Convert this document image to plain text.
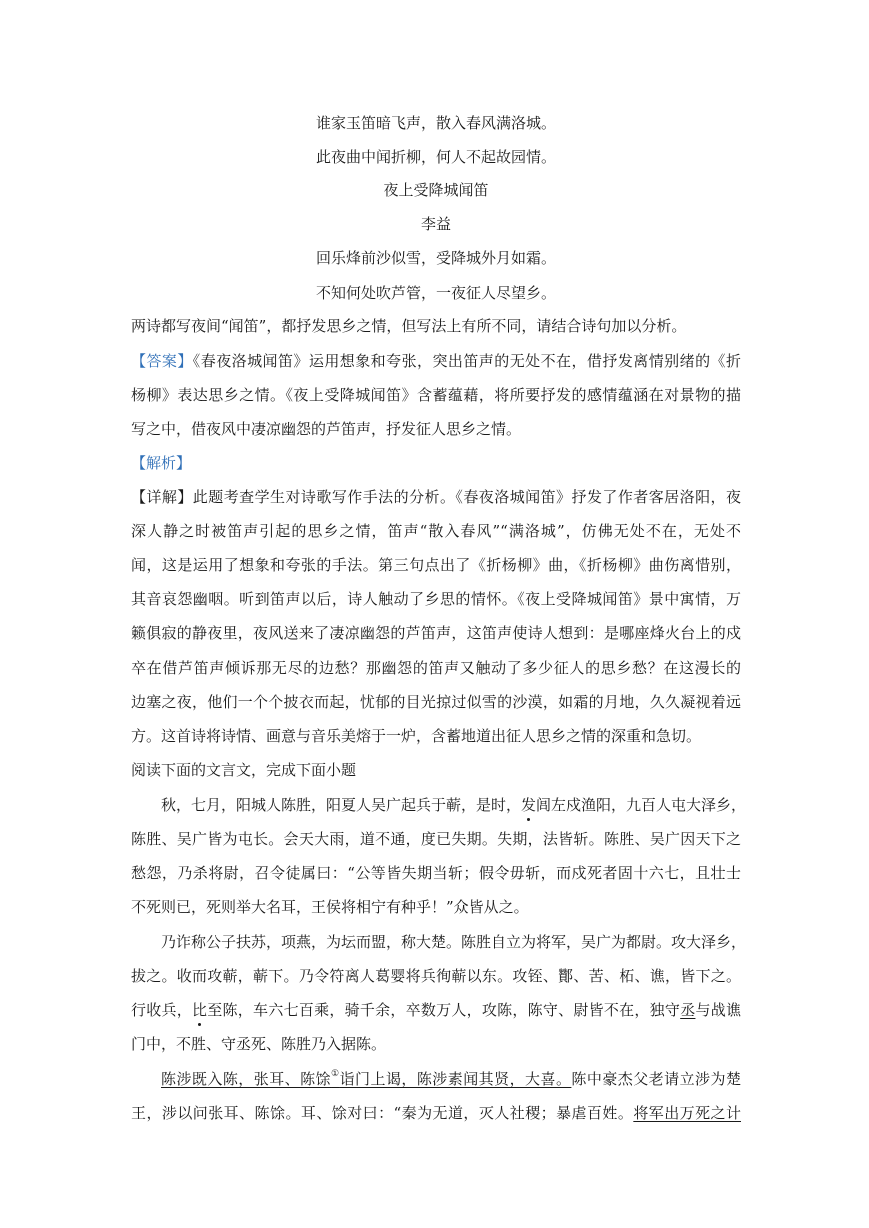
谁家玉笛暗飞声，散入春风满洛城。
此夜曲中闻折柳，何人不起故园情。
夜上受降城闻笛
李益
回乐烽前沙似雪，受降城外月如霜。
不知何处吹芦管，一夜征人尽望乡。
两诗都写夜间“闻笛”，都抒发思乡之情，但写法上有所不同，请结合诗句加以分析。
【答案】《春夜洛城闻笛》运用想象和夸张，突出笛声的无处不在，借抒发离情别绪的《折
杨柳》表达思乡之情。《夜上受降城闻笛》含蓄蕴藉，将所要抒发的感情蕴涵在对景物的描
写之中，借夜风中凄凉幽怨的芦笛声，抒发征人思乡之情。
【解析】
【详解】此题考查学生对诗歌写作手法的分析。《春夜洛城闻笛》抒发了作者客居洛阳，夜
深人静之时被笛声引起的思乡之情，笛声“散入春风”“满洛城”，仿佛无处不在，无处不
闻，这是运用了想象和夸张的手法。第三句点出了《折杨柳》曲，《折杨柳》曲伤离惜别，
其音哀怨幽咽。听到笛声以后，诗人触动了乡思的情怀。《夜上受降城闻笛》景中寓情，万
籁俱寂的静夜里，夜风送来了凄凉幽怨的芦笛声，这笛声使诗人想到：是哪座烽火台上的戍
卒在借芦笛声倾诉那无尽的边愁？那幽怨的笛声又触动了多少征人的思乡愁？在这漫长的
边塞之夜，他们一个个披衣而起，忧郁的目光掠过似雪的沙漠，如霜的月地，久久凝视着远
方。这首诗将诗情、画意与音乐美熔于一炉，含蓄地道出征人思乡之情的深重和急切。
阅读下面的文言文，完成下面小题
秋，七月，阳城人陈胜，阳夏人吴广起兵于蕲，是时，发闾左戍渔阳，九百人屯大泽乡，
陈胜、吴广皆为屯长。会天大雨，道不通，度已失期。失期，法皆斩。陈胜、吴广因天下之
愁怨，乃杀将尉，召令徒属曰：“公等皆失期当斩；假令毋斩，而戍死者固十六七，且壮士
不死则已，死则举大名耳，王侯将相宁有种乎！”众皆从之。
乃诈称公子扶苏，项燕，为坛而盟，称大楚。陈胜自立为将军，吴广为都尉。攻大泽乡，
拔之。收而攻蕲，蕲下。乃令符离人葛婴将兵徇蕲以东。攻铚、酇、苦、柘、谯，皆下之。
行收兵，比至陈，车六七百乘，骑千余，卒数万人，攻陈，陈守、尉皆不在，独守丞与战谯
门中，不胜、守丞死、陈胜乃入据陈。
陈涉既入陈，张耳、陈馀①诣门上谒，陈涉素闻其贤，大喜。陈中豪杰父老请立涉为楚
王，涉以问张耳、陈馀。耳、馀对曰：“秦为无道，灭人社稷；暴虐百姓。将军出万死之计
